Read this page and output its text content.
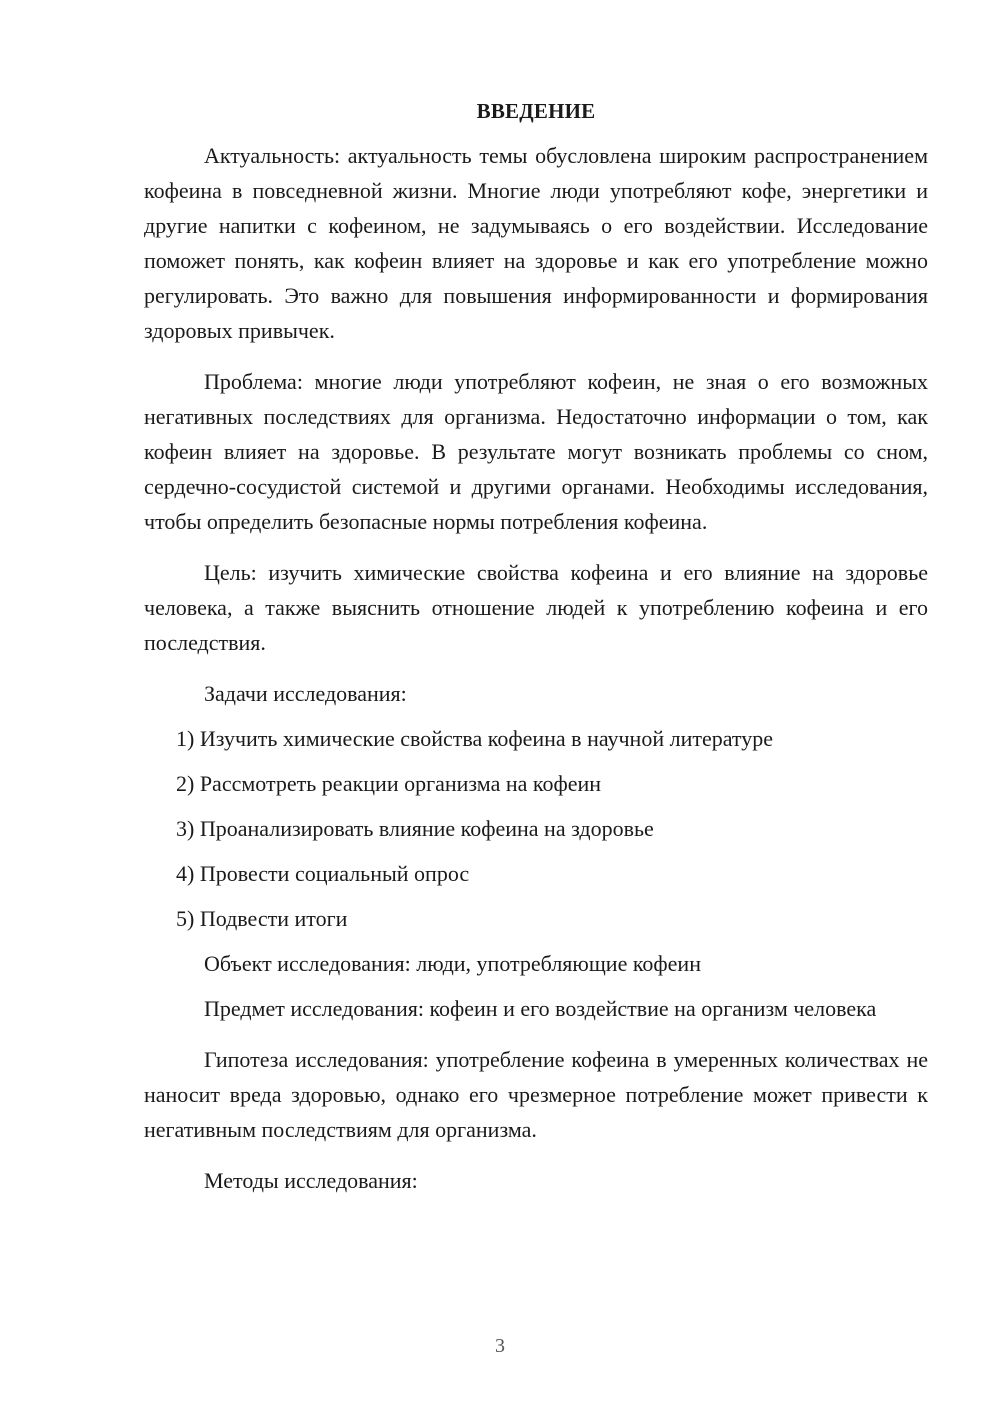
ВВЕДЕНИЕ

Актуальность: актуальность темы обусловлена широким распространением кофеина в повседневной жизни. Многие люди употребляют кофе, энергетики и другие напитки с кофеином, не задумываясь о его воздействии. Исследование поможет понять, как кофеин влияет на здоровье и как его употребление можно регулировать. Это важно для повышения информированности и формирования здоровых привычек.

Проблема: многие люди употребляют кофеин, не зная о его возможных негативных последствиях для организма. Недостаточно информации о том, как кофеин влияет на здоровье. В результате могут возникать проблемы со сном, сердечно-сосудистой системой и другими органами. Необходимы исследования, чтобы определить безопасные нормы потребления кофеина.

Цель: изучить химические свойства кофеина и его влияние на здоровье человека, а также выяснить отношение людей к употреблению кофеина и его последствия.

Задачи исследования:
1) Изучить химические свойства кофеина в научной литературе
2) Рассмотреть реакции организма на кофеин
3) Проанализировать влияние кофеина на здоровье
4) Провести социальный опрос
5) Подвести итоги
Объект исследования: люди, употребляющие кофеин

Предмет исследования: кофеин и его воздействие на организм человека

Гипотеза исследования: употребление кофеина в умеренных количествах не наносит вреда здоровью, однако его чрезмерное потребление может привести к негативным последствиям для организма.

Методы исследования:
3
